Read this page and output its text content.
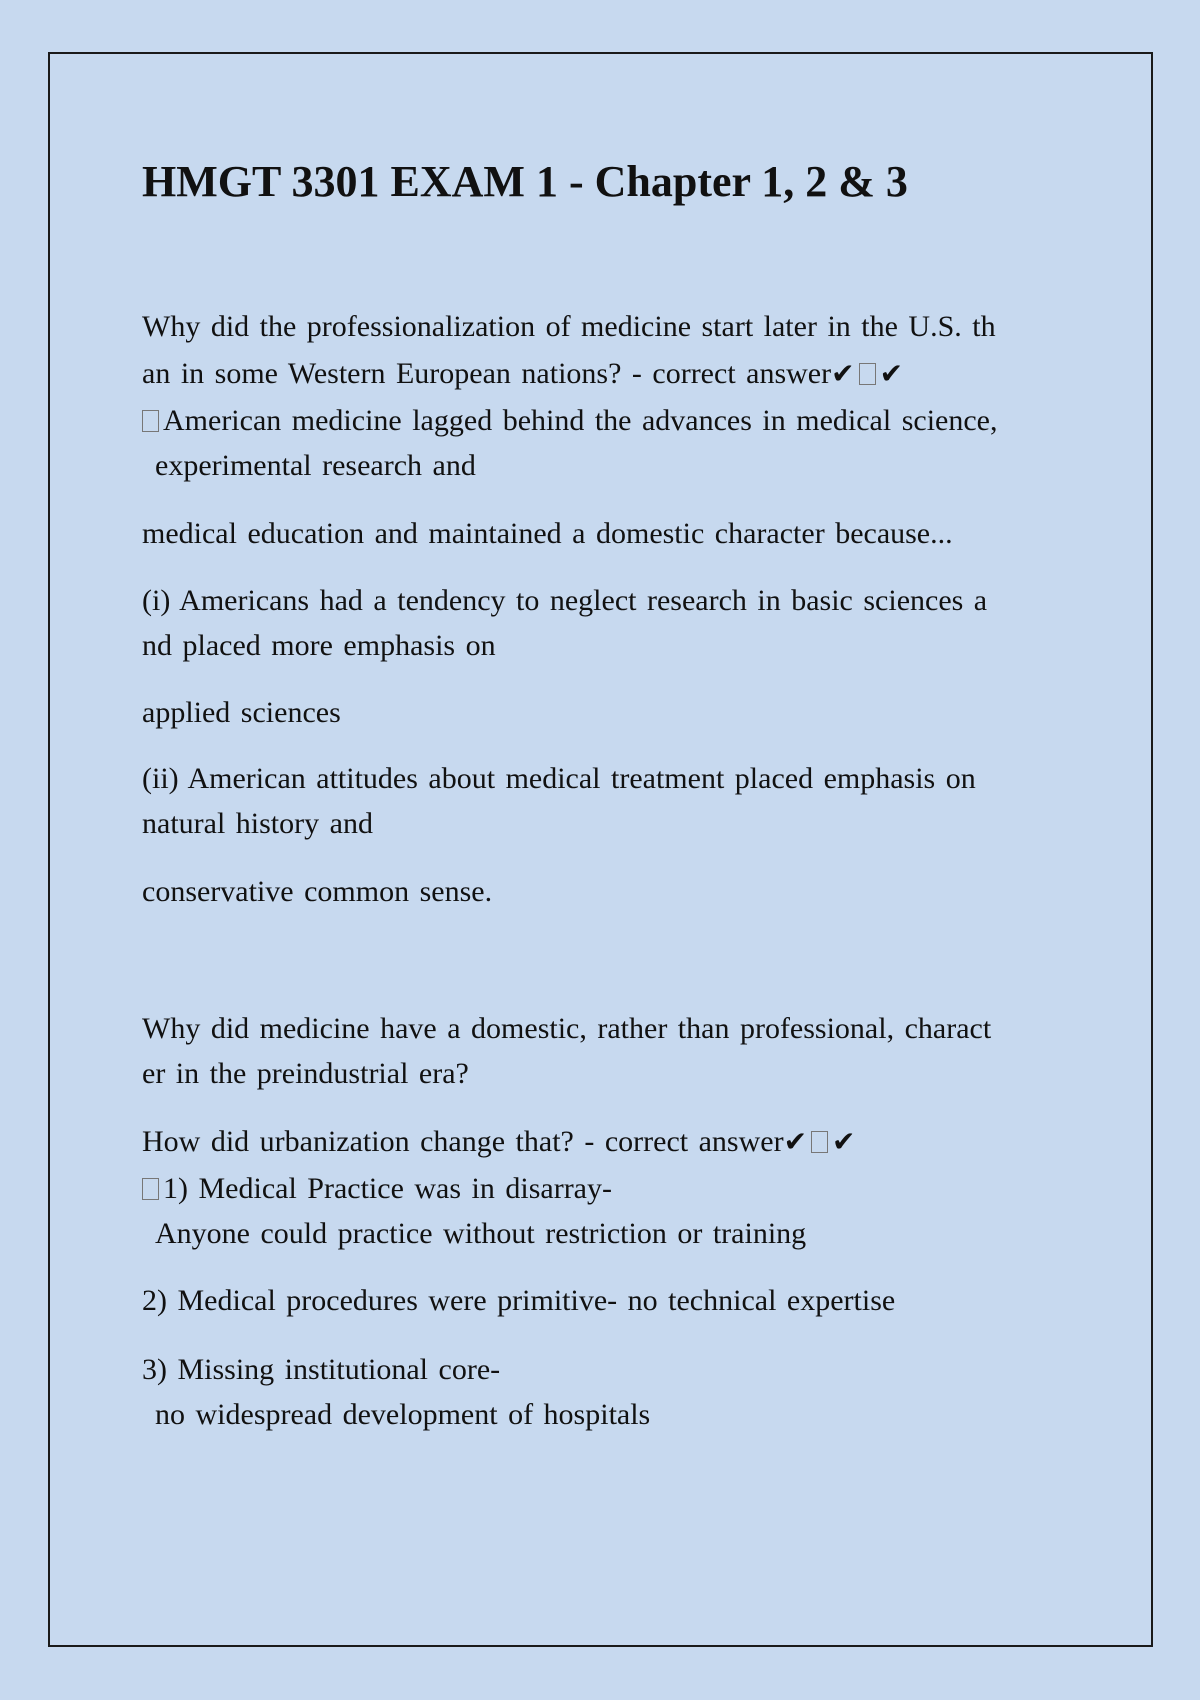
HMGT 3301 EXAM 1 - Chapter 1, 2 & 3

Why did the professionalization of medicine start later in the U.S. th

an in some Western European nations? - correct answer✔ ✔

American medicine lagged behind the advances in medical science,

experimental research and

medical education and maintained a domestic character because...

(i) Americans had a tendency to neglect research in basic sciences a

nd placed more emphasis on

applied sciences

(ii) American attitudes about medical treatment placed emphasis on

natural history and

conservative common sense.

Why did medicine have a domestic, rather than professional, charact

er in the preindustrial era?

How did urbanization change that? - correct answer✔ ✔

1) Medical Practice was in disarray-

Anyone could practice without restriction or training

2) Medical procedures were primitive- no technical expertise

3) Missing institutional core-

no widespread development of hospitals
